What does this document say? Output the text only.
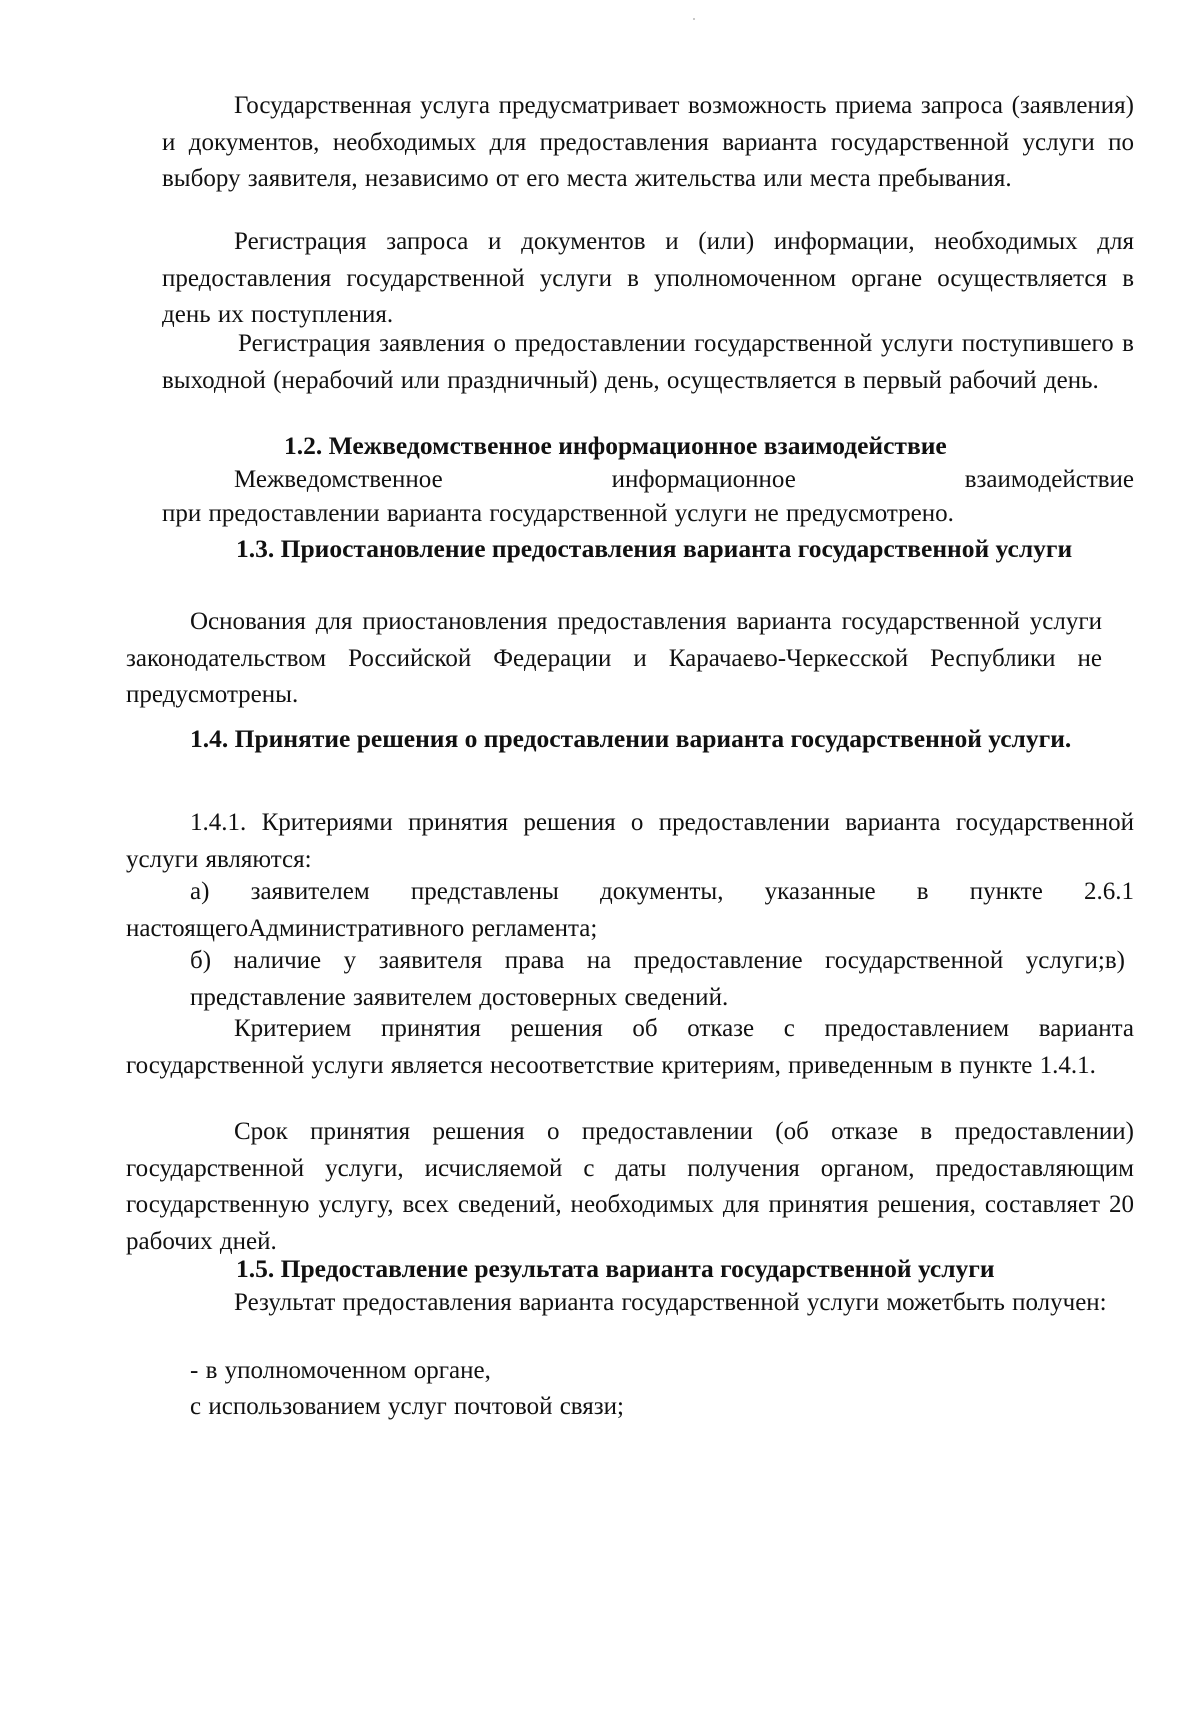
Государственная услуга предусматривает возможность приема запроса (заявления) и документов, необходимых для предоставления варианта государственной услуги по выбору заявителя, независимо от его места жительства или места пребывания.

Регистрация запроса и документов и (или) информации, необходимых для предоставления государственной услуги в уполномоченном органе осуществляется в день их поступления.

Регистрация заявления о предоставлении государственной услуги поступившего в выходной (нерабочий или праздничный) день, осуществляется в первый рабочий день.

1.2. Межведомственное информационное взаимодействие

Межведомственное информационное взаимодействие

при предоставлении варианта государственной услуги не предусмотрено.

1.3. Приостановление предоставления варианта государственной услуги

Основания для приостановления предоставления варианта государственной услуги законодательством Российской Федерации и Карачаево-Черкесской Республики не предусмотрены.

1.4. Принятие решения о предоставлении варианта государственной услуги.

1.4.1. Критериями принятия решения о предоставлении варианта государственной услуги являются:

а) заявителем представлены документы, указанные в пункте 2.6.1 настоящегоАдминистративного регламента;

б) наличие у заявителя права на предоставление государственной услуги;в) представление заявителем достоверных сведений.

Критерием принятия решения об отказе с предоставлением варианта государственной услуги является несоответствие критериям, приведенным в пункте 1.4.1.

Срок принятия решения о предоставлении (об отказе в предоставлении) государственной услуги, исчисляемой с даты получения органом, предоставляющим государственную услугу, всех сведений, необходимых для принятия решения, составляет 20 рабочих дней.

1.5. Предоставление результата варианта государственной услуги

Результат предоставления варианта государственной услуги можетбыть получен:

- в уполномоченном органе,

с использованием услуг почтовой связи;
